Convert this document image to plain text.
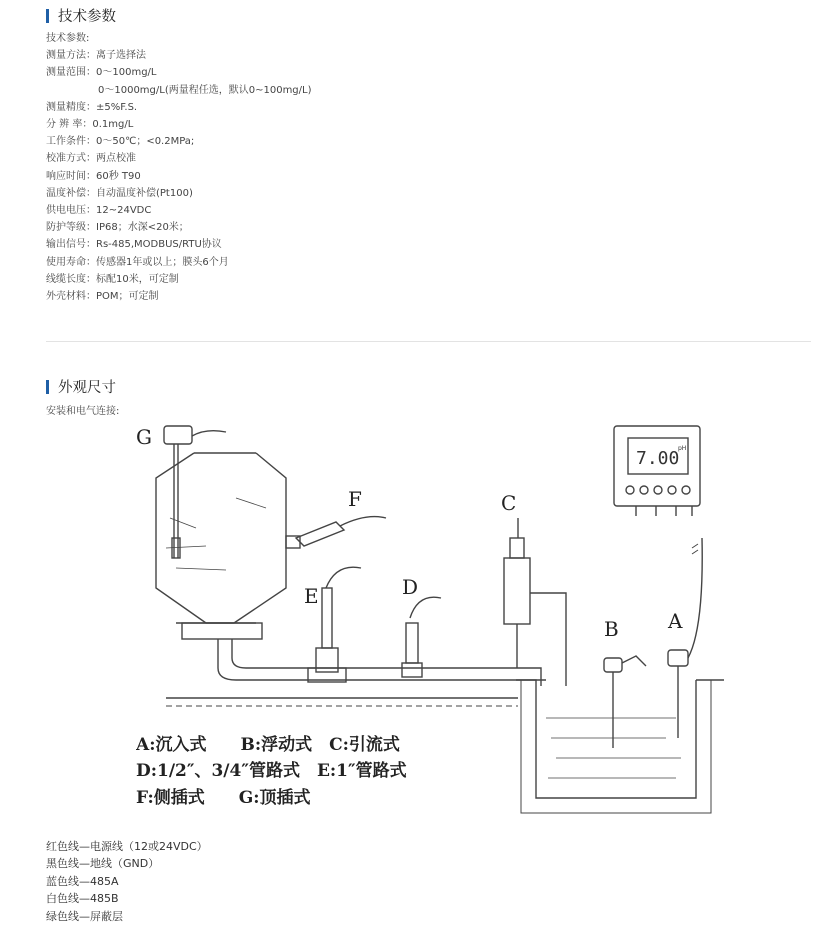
技术参数
技术参数:
测量方法：离子选择法
测量范围：0～100mg/L
0～1000mg/L(两量程任选，默认0~100mg/L)
测量精度：±5%F.S.
分 辨 率：0.1mg/L
工作条件：0～50℃；<0.2MPa;
校准方式：两点校准
响应时间：60秒 T90
温度补偿：自动温度补偿(Pt100)
供电电压：12~24VDC
防护等级：IP68；水深<20米；
输出信号：Rs-485,MODBUS/RTU协议
使用寿命：传感器1年或以上；膜头6个月
线缆长度：标配10米，可定制
外壳材料：POM；可定制
外观尺寸
安装和电气连接:
7.00
pH
G
F
E	D
C
B A
A:沉入式　　B:浮动式　C:引流式
D:1/2″、3/4″管路式　E:1″管路式
F:侧插式　　G:顶插式
红色线—电源线（12或24VDC）
黑色线—地线（GND）
蓝色线—485A
白色线—485B
绿色线—屏蔽层
